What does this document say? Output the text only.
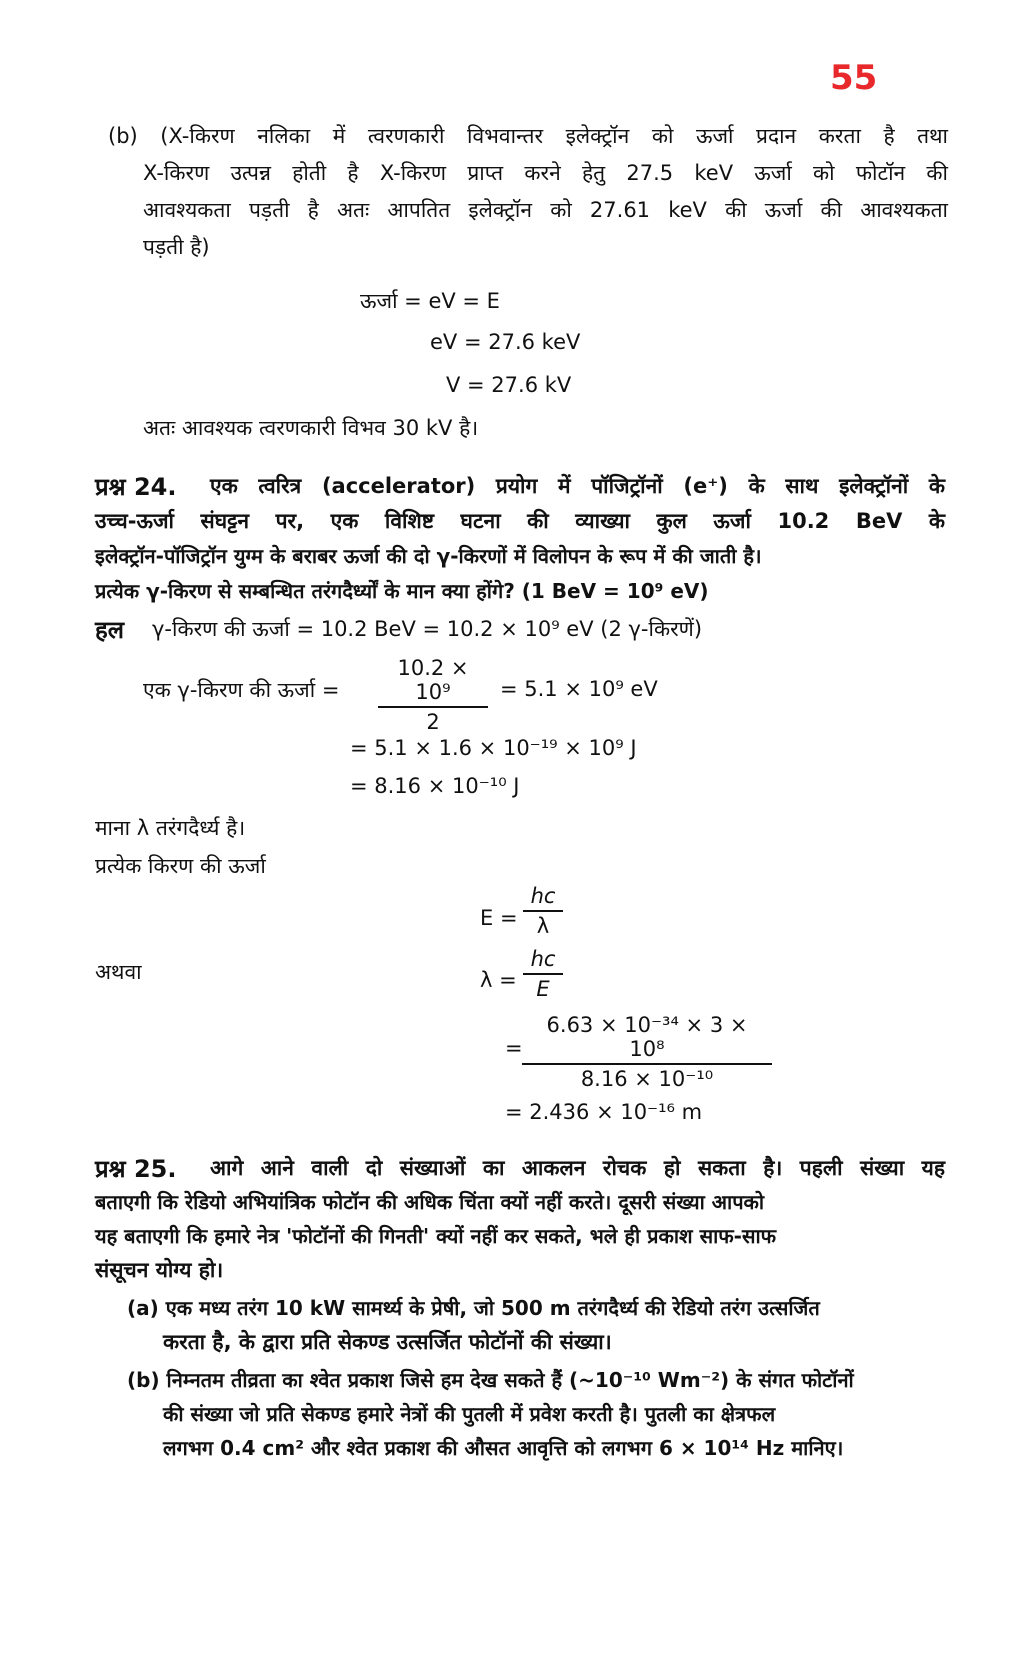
55
(b) (X-किरण नलिका में त्वरणकारी विभवान्तर इलेक्ट्रॉन को ऊर्जा प्रदान करता है तथा
X-किरण उत्पन्न होती है X-किरण प्राप्त करने हेतु 27.5 keV ऊर्जा को फोटॉन की
आवश्यकता पड़ती है अतः आपतित इलेक्ट्रॉन को 27.61 keV की ऊर्जा की आवश्यकता
पड़ती है)
ऊर्जा = eV = E
eV = 27.6 keV
V = 27.6 kV
अतः आवश्यक त्वरणकारी विभव 30 kV है।
प्रश्न 24. एक त्वरित्र (accelerator) प्रयोग में पॉजिट्रॉनों (e⁺) के साथ इलेक्ट्रॉनों के
उच्च-ऊर्जा संघट्टन पर, एक विशिष्ट घटना की व्याख्या कुल ऊर्जा 10.2 BeV के
इलेक्ट्रॉन-पॉजिट्रॉन युग्म के बराबर ऊर्जा की दो γ-किरणों में विलोपन के रूप में की जाती है।
प्रत्येक γ-किरण से सम्बन्धित तरंगदैर्ध्यों के मान क्या होंगे? (1 BeV = 10⁹ eV)
हल γ-किरण की ऊर्जा = 10.2 BeV = 10.2 × 10⁹ eV (2 γ-किरणें)
एक γ-किरण की ऊर्जा = $\frac{\text{10.2 × 10⁹}}{2} = 5.1 \times 10^9$ eV
= 5.1 × 1.6 × 10⁻¹⁹ × 10⁹ J
= 8.16 × 10⁻¹⁰ J
माना λ तरंगदैर्ध्य है।
प्रत्येक किरण की ऊर्जा
$E = \frac{hc}{\lambda}$
अथवा	$\lambda = \frac{hc}{E}$
= $\frac{\text{6.63 × 10⁻³⁴ × 3 × 10⁸}}{\text{8.16 × 10⁻¹⁰}}$
= 2.436 × 10⁻¹⁶ m
प्रश्न 25. आगे आने वाली दो संख्याओं का आकलन रोचक हो सकता है। पहली संख्या यह
बताएगी कि रेडियो अभियांत्रिक फोटॉन की अधिक चिंता क्यों नहीं करते। दूसरी संख्या आपको
यह बताएगी कि हमारे नेत्र 'फोटॉनों की गिनती' क्यों नहीं कर सकते, भले ही प्रकाश साफ-साफ
संसूचन योग्य हो।
(a) एक मध्य तरंग 10 kW सामर्थ्य के प्रेषी, जो 500 m तरंगदैर्ध्य की रेडियो तरंग उत्सर्जित
करता है, के द्वारा प्रति सेकण्ड उत्सर्जित फोटॉनों की संख्या।
(b) निम्नतम तीव्रता का श्वेत प्रकाश जिसे हम देख सकते हैं (~10⁻¹⁰ Wm⁻²) के संगत फोटॉनों
की संख्या जो प्रति सेकण्ड हमारे नेत्रों की पुतली में प्रवेश करती है। पुतली का क्षेत्रफल
लगभग 0.4 cm² और श्वेत प्रकाश की औसत आवृत्ति को लगभग 6 × 10¹⁴ Hz मानिए।
